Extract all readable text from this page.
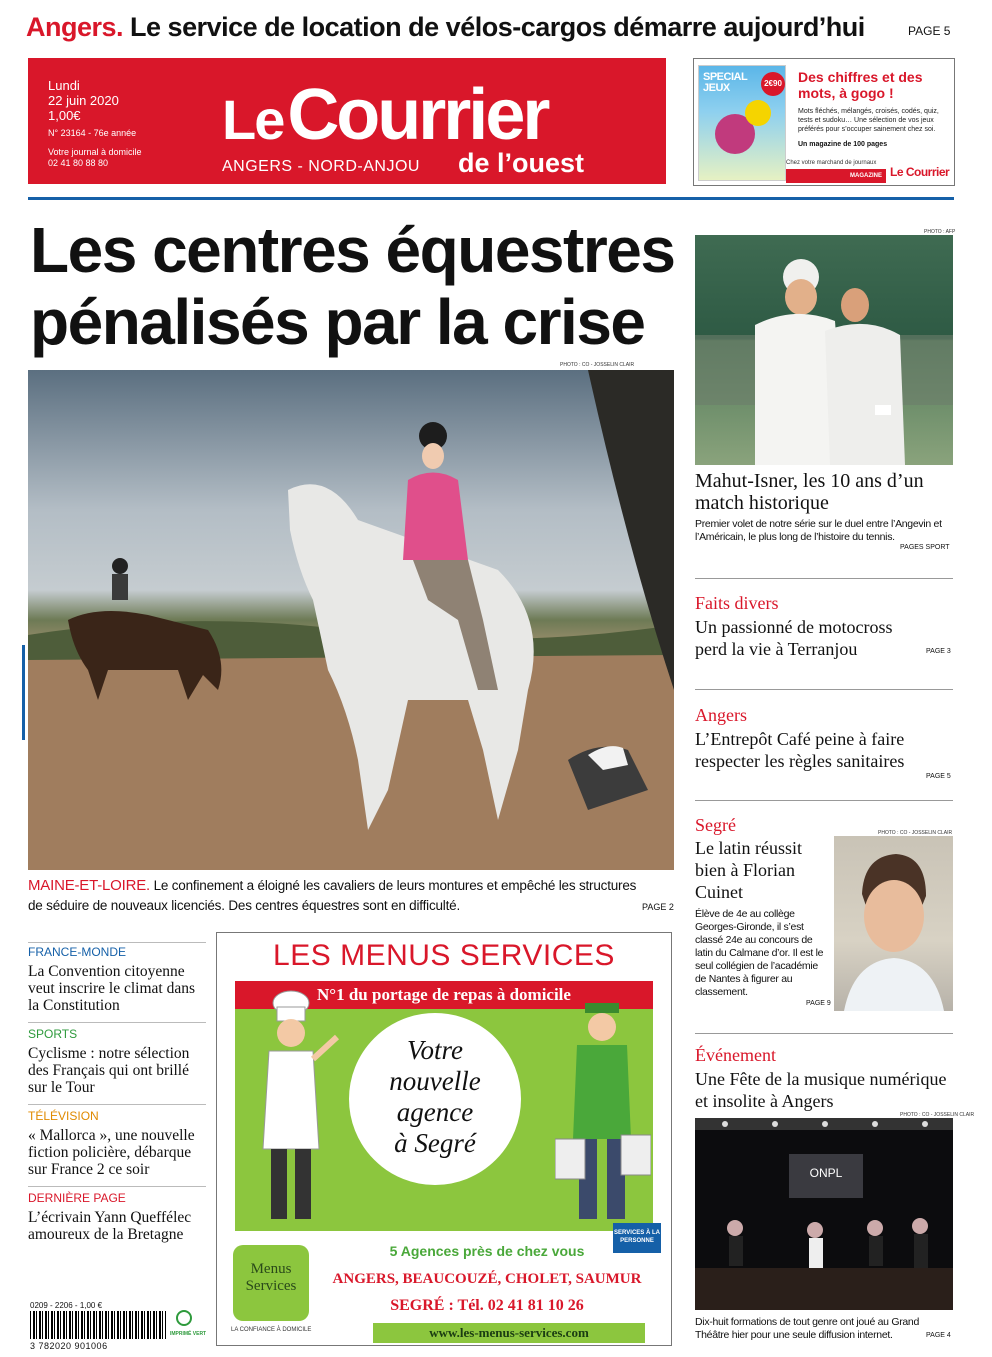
Angers. Le service de location de vélos-cargos démarre aujourd’hui	PAGE 5
Lundi
22 juin 2020
1,00€
N° 23164 - 76e année
Votre journal à domicile
02 41 80 88 80
Le Courrier
de l’ouest
ANGERS - NORD-ANJOU
SPECIAL JEUX	2€90 Des chiffres et des mots, à gogo !
Mots fléchés, mélangés, croisés, codés, quiz, tests et sudoku… Une sélection de vos jeux préférés pour s’occuper sainement chez soi.
Un magazine de 100 pages
Chez votre marchand de journaux
MAGAZINE Le Courrier
Les centres équestres
pénalisés par la crise
PHOTO : CO - JOSSELIN CLAIR
MAINE-ET-LOIRE. Le confinement a éloigné les cavaliers de leurs montures et empêché les structures de séduire de nouveaux licenciés. Des centres équestres sont en difficulté.	PAGE 2
FRANCE-MONDE
La Convention citoyenne veut inscrire le climat dans la Constitution
SPORTS
Cyclisme : notre sélection des Français qui ont brillé sur le Tour
TÉLÉVISION
« Mallorca », une nouvelle fiction policière, débarque sur France 2 ce soir
DERNIÈRE PAGE
L’écrivain Yann Queffélec amoureux de la Bretagne
0209 - 2206 - 1,00 €
3 782020 901006
IMPRIMÉ VERT
LES MENUS SERVICES
N°1 du portage de repas à domicile
Votre
nouvelle
agence
à Segré
SERVICES À LA PERSONNE
5 Agences près de chez vous
ANGERS, BEAUCOUZÉ, CHOLET, SAUMUR
SEGRÉ : Tél. 02 41 81 10 26
www.les-menus-services.com
Menus
Services
LA CONFIANCE À DOMICILE
PHOTO : AFP
Mahut-Isner, les 10 ans d’un match historique
Premier volet de notre série sur le duel entre l’Angevin et l’Américain, le plus long de l’histoire du tennis.
PAGES SPORT
Faits divers
Un passionné de motocross perd la vie à Terranjou	PAGE 3
Angers
L’Entrepôt Café peine à faire respecter les règles sanitaires
PAGE 5
Segré	PHOTO : CO - JOSSELIN CLAIR
Le latin réussit bien à Florian Cuinet
Élève de 4e au collège Georges-Gironde, il s’est classé 24e au concours de latin du Calmane d’or. Il est le seul collégien de l’académie de Nantes à figurer au classement.
PAGE 9
Événement
Une Fête de la musique numérique et insolite à Angers
PHOTO : CO - JOSSELIN CLAIR
ONPL
Dix-huit formations de tout genre ont joué au Grand Théâtre hier pour une seule diffusion internet.	PAGE 4
